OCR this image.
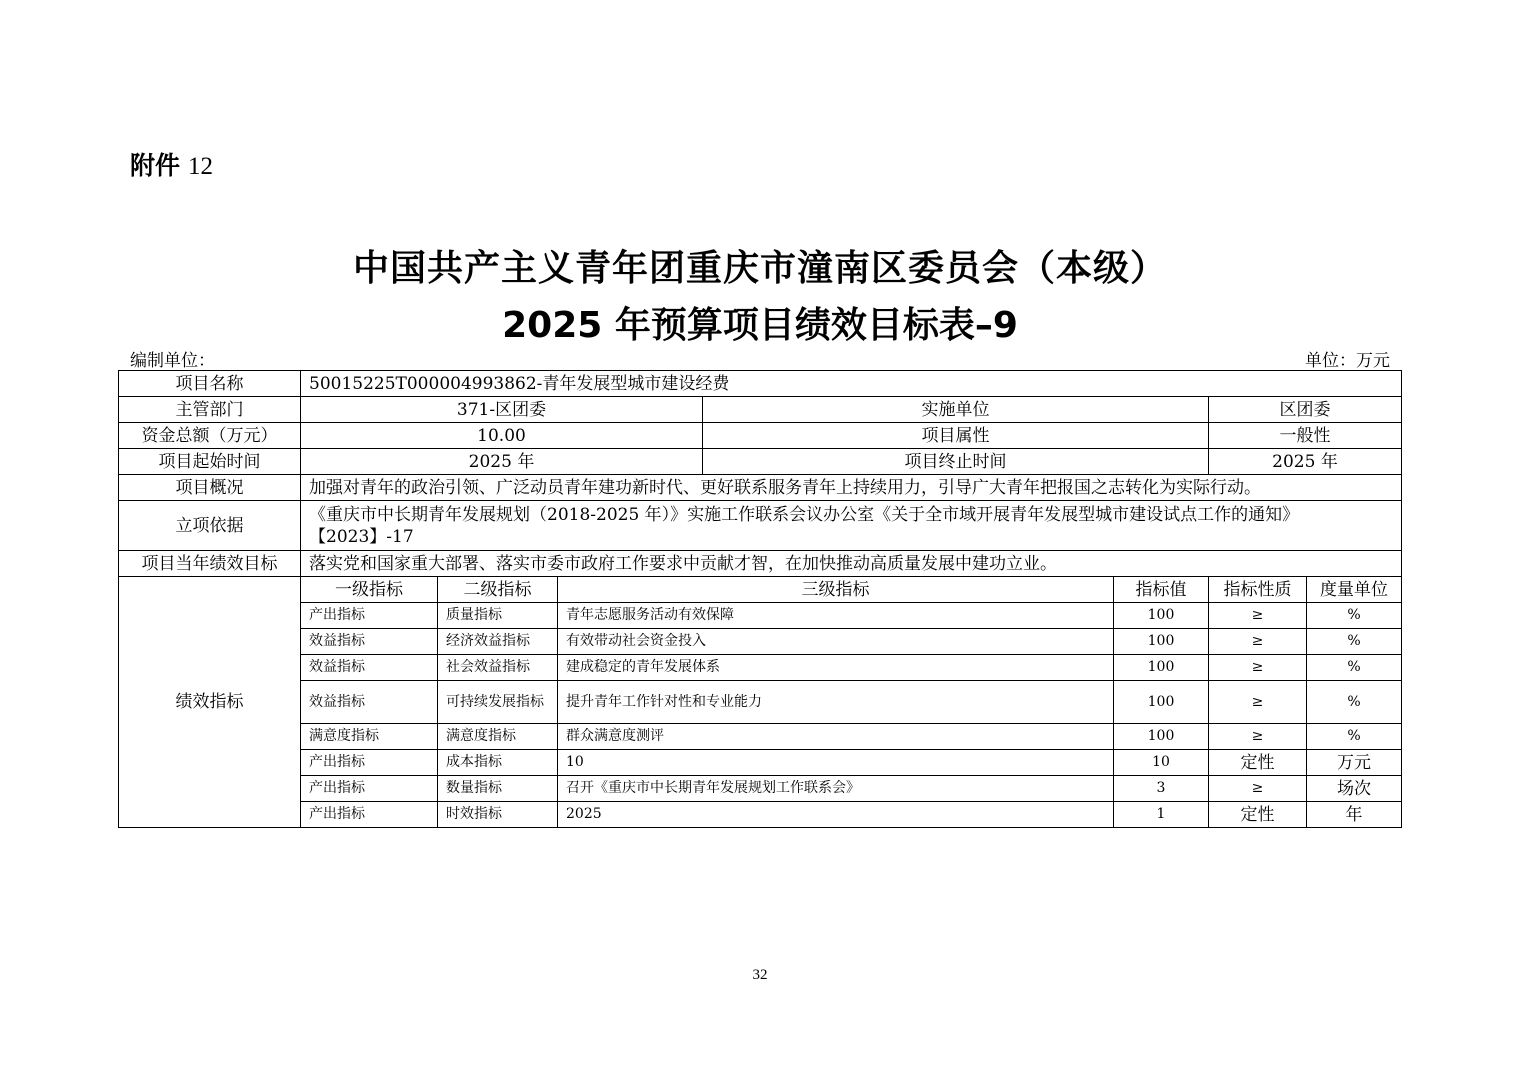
附件 12
中国共产主义青年团重庆市潼南区委员会（本级）
2025 年预算项目绩效目标表–9
编制单位：	单位：万元
项目名称	50015225T000004993862-青年发展型城市建设经费						
主管部门	371-区团委			实施单位		区团委	
资金总额（万元）	10.00			项目属性		一般性	
项目起始时间	2025 年			项目终止时间		2025 年	
项目概况	加强对青年的政治引领、广泛动员青年建功新时代、更好联系服务青年上持续用力，引导广大青年把报国之志转化为实际行动。						
立项依据	《重庆市中长期青年发展规划（2018-2025 年）》实施工作联系会议办公室《关于全市域开展青年发展型城市建设试点工作的通知》【2023】-17						
项目当年绩效目标	落实党和国家重大部署、落实市委市政府工作要求中贡献才智，在加快推动高质量发展中建功立业。						
绩效指标	一级指标	二级指标	三级指标		指标值	指标性质	度量单位
	产出指标	质量指标	青年志愿服务活动有效保障		100	≥	%
	效益指标	经济效益指标	有效带动社会资金投入		100	≥	%
	效益指标	社会效益指标	建成稳定的青年发展体系		100	≥	%
	效益指标	可持续发展指标	提升青年工作针对性和专业能力		100	≥	%
	满意度指标	满意度指标	群众满意度测评		100	≥	%
	产出指标	成本指标	10		10	定性	万元
	产出指标	数量指标	召开《重庆市中长期青年发展规划工作联系会》		3	≥	场次
	产出指标	时效指标	2025		1	定性	年
32
